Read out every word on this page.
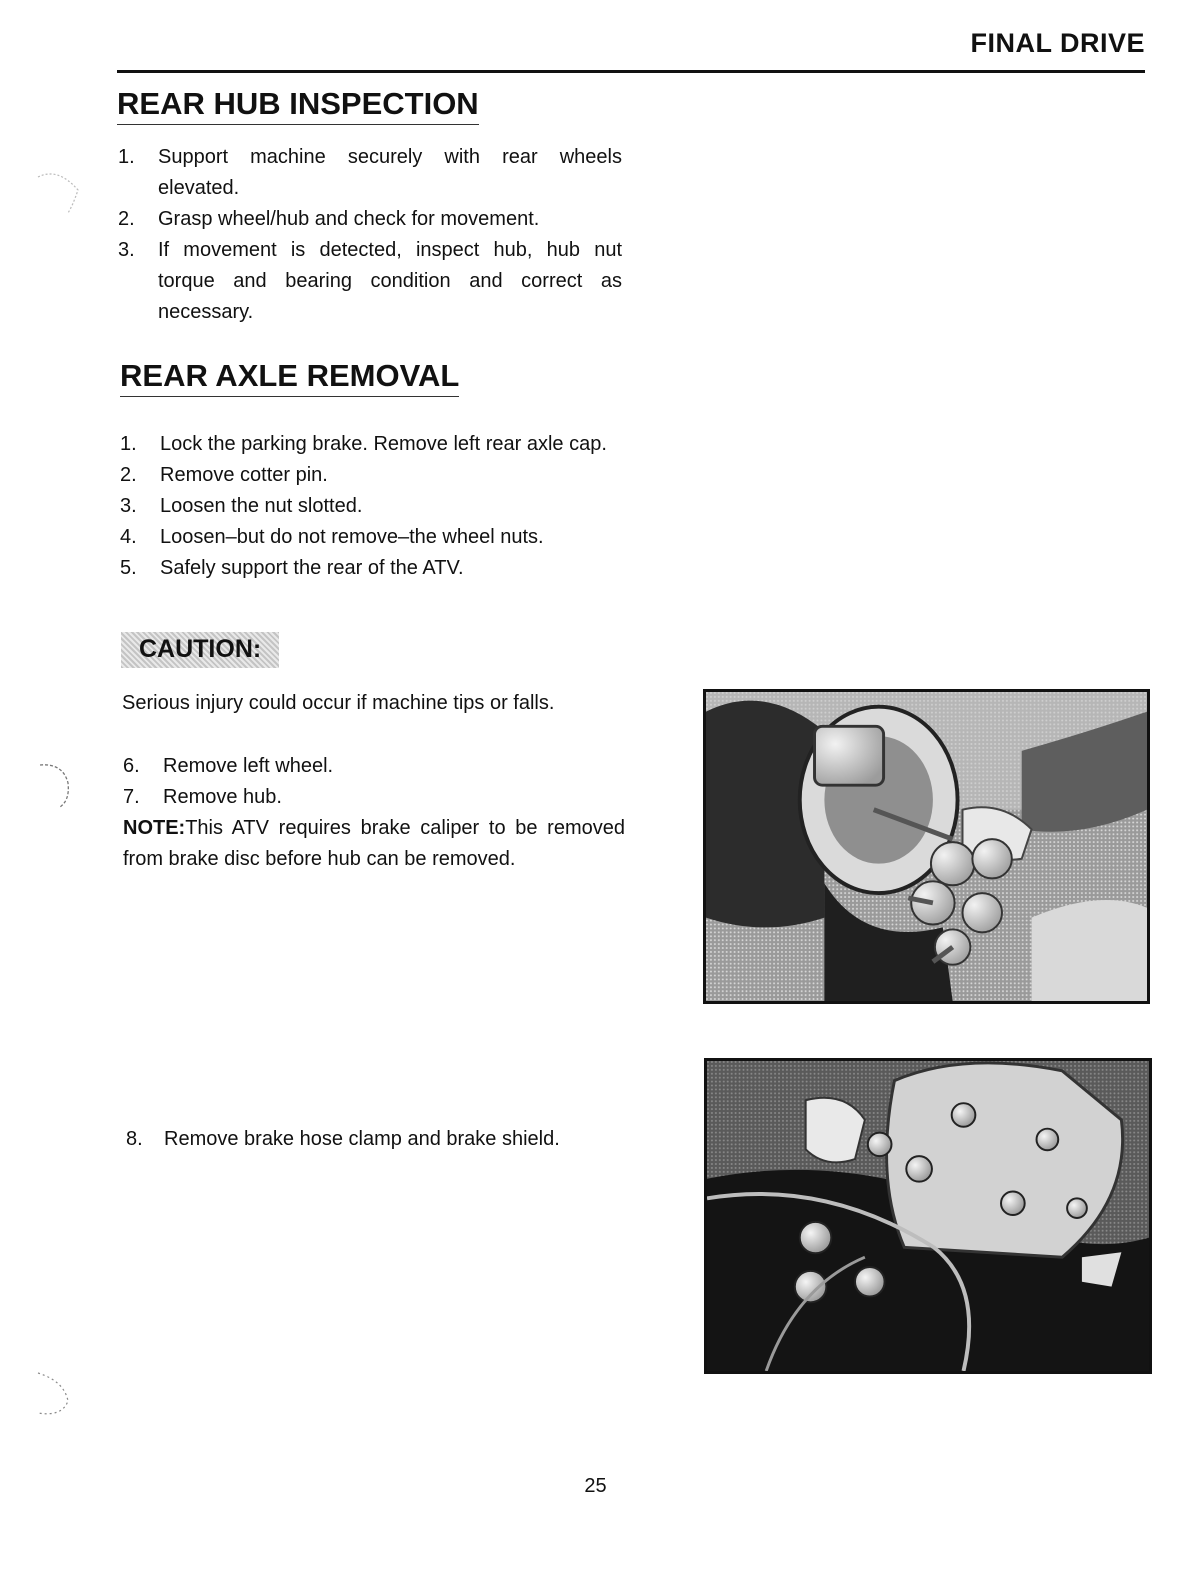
FINAL DRIVE
REAR HUB INSPECTION
1. Support machine securely with rear wheels elevated.
2. Grasp wheel/hub and check for movement.
3. If movement is detected, inspect hub, hub nut torque and bearing condition and correct as necessary.
REAR AXLE REMOVAL
1. Lock the parking brake. Remove left rear axle cap.
2. Remove cotter pin.
3. Loosen the nut slotted.
4. Loosen–but do not remove–the wheel nuts.
5. Safely support the rear of the ATV.
CAUTION:
Serious injury could occur if machine tips or falls.
6. Remove left wheel.
7. Remove hub.
NOTE:This ATV requires brake caliper to be removed from brake disc before hub can be removed.
8. Remove brake hose clamp and brake shield.
25
